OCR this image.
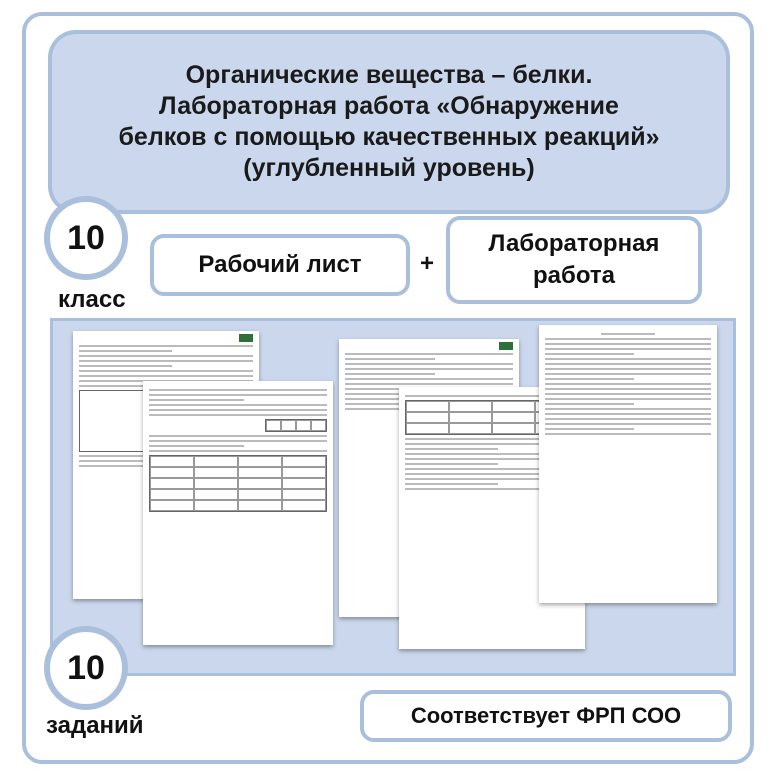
Органические вещества – белки.
Лабораторная работа «Обнаружение
белков с помощью качественных реакций»
(углубленный уровень)
10
класс
Рабочий лист +
Лабораторная работа

10
заданий	Соответствует ФРП СОО
